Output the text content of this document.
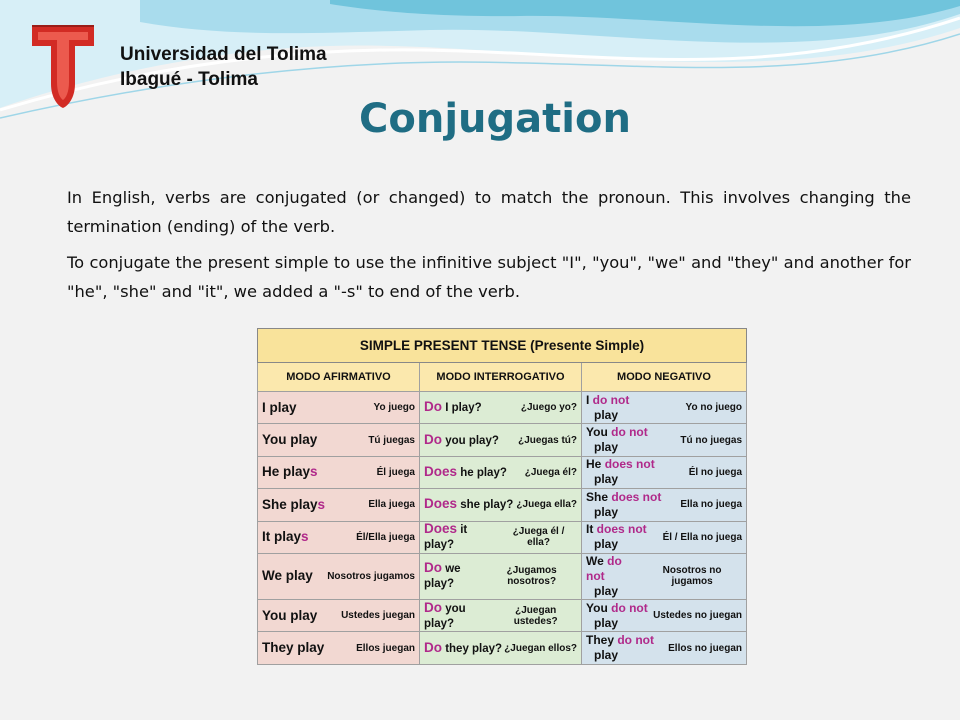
Universidad del Tolima
Ibagué - Tolima
Conjugation

In English, verbs are conjugated (or changed) to match the pronoun. This involves changing the termination (ending) of the verb.

To conjugate the present simple to use the infinitive subject "I", "you", "we" and "they" and another for "he", "she" and "it", we added a "-s" to end of the verb.

SIMPLE PRESENT TENSE (Presente Simple)		
MODO AFIRMATIVO	MODO INTERROGATIVO	MODO NEGATIVO

I play Yo juego	Do I play? ¿Juego yo?	I do not
play Yo no juego

You play Tú juegas	Do you play? ¿Juegas tú?	You do not
play Tú no juegas

He plays Él juega	Does he play? ¿Juega él?	He does not
play Él no juega

She plays Ella juega	Does she play? ¿Juega ella?	She does not
play Ella no juega

It plays Él/Ella juega	Does it play?
¿Juega él / ella?	It does not
play Él / Ella no juega

We play Nosotros jugamos	Do we play?
¿Jugamos nosotros?	We do not
play
Nosotros no jugamos

You play Ustedes juegan	Do you play?
¿Juegan ustedes?	You do not
play Ustedes no juegan

They play Ellos juegan	Do they play? ¿Juegan ellos?	They do not
play Ellos no juegan
